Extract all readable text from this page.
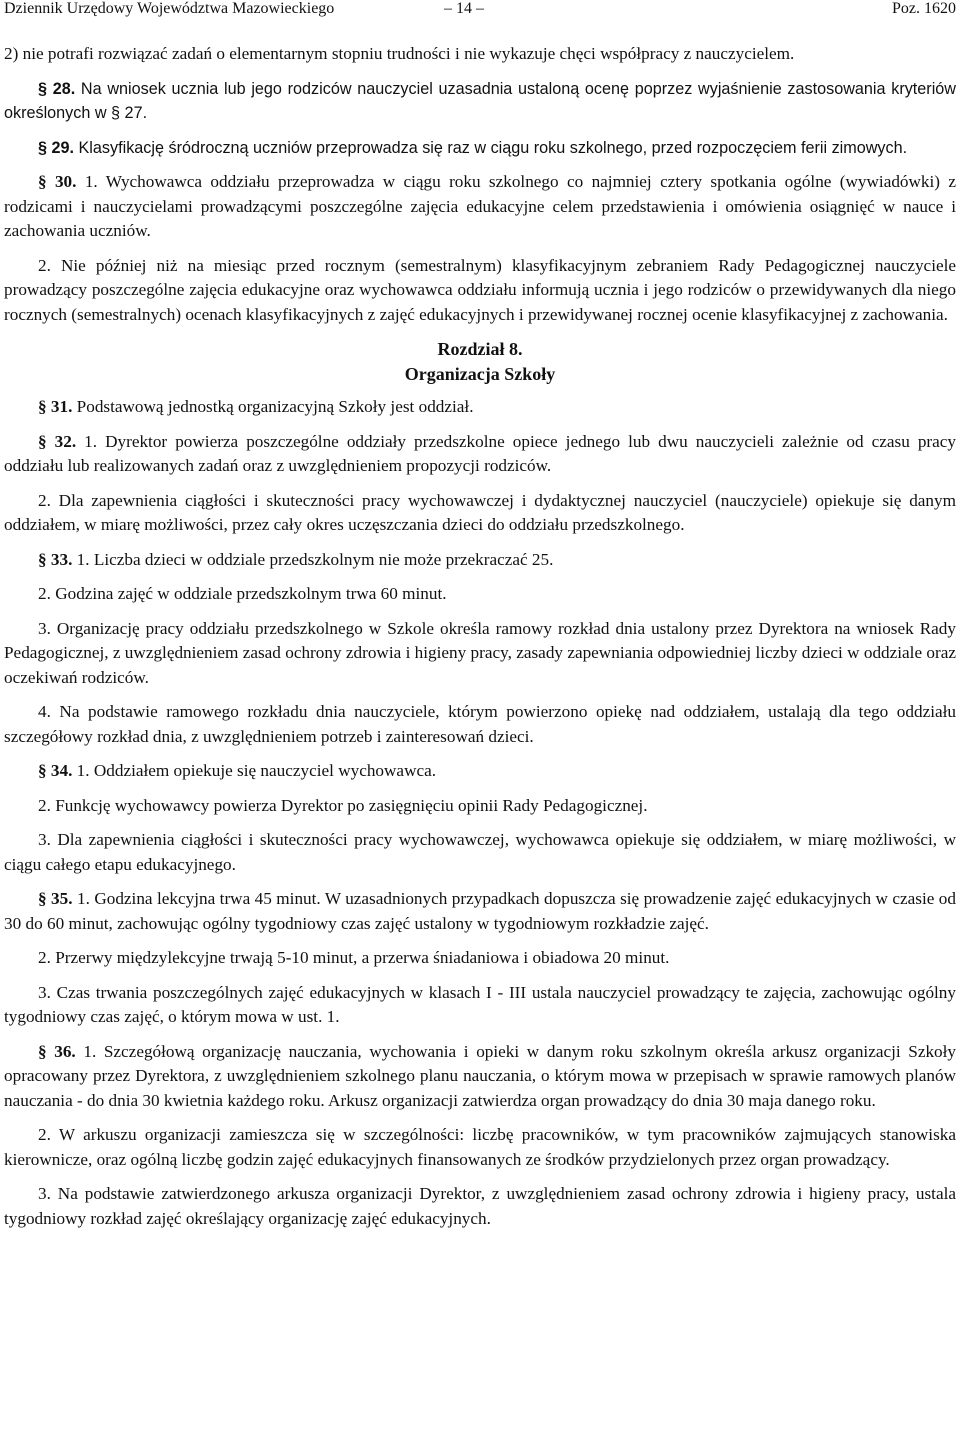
Dziennik Urzędowy Województwa Mazowieckiego	– 14 –	Poz. 1620

2) nie potrafi rozwiązać zadań o elementarnym stopniu trudności i nie wykazuje chęci współpracy z nauczycielem.

§ 28. Na wniosek ucznia lub jego rodziców nauczyciel uzasadnia ustaloną ocenę poprzez wyjaśnienie zastosowania kryteriów określonych w § 27.

§ 29. Klasyfikację śródroczną uczniów przeprowadza się raz w ciągu roku szkolnego, przed rozpoczęciem ferii zimowych.

§ 30. 1. Wychowawca oddziału przeprowadza w ciągu roku szkolnego co najmniej cztery spotkania ogólne (wywiadówki) z rodzicami i nauczycielami prowadzącymi poszczególne zajęcia edukacyjne celem przedstawienia i omówienia osiągnięć w nauce i zachowania uczniów.

2. Nie później niż na miesiąc przed rocznym (semestralnym) klasyfikacyjnym zebraniem Rady Pedagogicznej nauczyciele prowadzący poszczególne zajęcia edukacyjne oraz wychowawca oddziału informują ucznia i jego rodziców o przewidywanych dla niego rocznych (semestralnych) ocenach klasyfikacyjnych z zajęć edukacyjnych i przewidywanej rocznej ocenie klasyfikacyjnej z zachowania.

Rozdział 8.
Organizacja Szkoły

§ 31. Podstawową jednostką organizacyjną Szkoły jest oddział.

§ 32. 1. Dyrektor powierza poszczególne oddziały przedszkolne opiece jednego lub dwu nauczycieli zależnie od czasu pracy oddziału lub realizowanych zadań oraz z uwzględnieniem propozycji rodziców.

2. Dla zapewnienia ciągłości i skuteczności pracy wychowawczej i dydaktycznej nauczyciel (nauczyciele) opiekuje się danym oddziałem, w miarę możliwości, przez cały okres uczęszczania dzieci do oddziału przedszkolnego.

§ 33. 1. Liczba dzieci w oddziale przedszkolnym nie może przekraczać 25.

2. Godzina zajęć w oddziale przedszkolnym trwa 60 minut.

3. Organizację pracy oddziału przedszkolnego w Szkole określa ramowy rozkład dnia ustalony przez Dyrektora na wniosek Rady Pedagogicznej, z uwzględnieniem zasad ochrony zdrowia i higieny pracy, zasady zapewniania odpowiedniej liczby dzieci w oddziale oraz oczekiwań rodziców.

4. Na podstawie ramowego rozkładu dnia nauczyciele, którym powierzono opiekę nad oddziałem, ustalają dla tego oddziału szczegółowy rozkład dnia, z uwzględnieniem potrzeb i zainteresowań dzieci.

§ 34. 1. Oddziałem opiekuje się nauczyciel wychowawca.

2. Funkcję wychowawcy powierza Dyrektor po zasięgnięciu opinii Rady Pedagogicznej.

3. Dla zapewnienia ciągłości i skuteczności pracy wychowawczej, wychowawca opiekuje się oddziałem, w miarę możliwości, w ciągu całego etapu edukacyjnego.

§ 35. 1. Godzina lekcyjna trwa 45 minut. W uzasadnionych przypadkach dopuszcza się prowadzenie zajęć edukacyjnych w czasie od 30 do 60 minut, zachowując ogólny tygodniowy czas zajęć ustalony w tygodniowym rozkładzie zajęć.

2. Przerwy międzylekcyjne trwają 5-10 minut, a przerwa śniadaniowa i obiadowa 20 minut.

3. Czas trwania poszczególnych zajęć edukacyjnych w klasach I - III ustala nauczyciel prowadzący te zajęcia, zachowując ogólny tygodniowy czas zajęć, o którym mowa w ust. 1.

§ 36. 1. Szczegółową organizację nauczania, wychowania i opieki w danym roku szkolnym określa arkusz organizacji Szkoły opracowany przez Dyrektora, z uwzględnieniem szkolnego planu nauczania, o którym mowa w przepisach w sprawie ramowych planów nauczania - do dnia 30 kwietnia każdego roku. Arkusz organizacji zatwierdza organ prowadzący do dnia 30 maja danego roku.

2. W arkuszu organizacji zamieszcza się w szczególności: liczbę pracowników, w tym pracowników zajmujących stanowiska kierownicze, oraz ogólną liczbę godzin zajęć edukacyjnych finansowanych ze środków przydzielonych przez organ prowadzący.

3. Na podstawie zatwierdzonego arkusza organizacji Dyrektor, z uwzględnieniem zasad ochrony zdrowia i higieny pracy, ustala tygodniowy rozkład zajęć określający organizację zajęć edukacyjnych.
